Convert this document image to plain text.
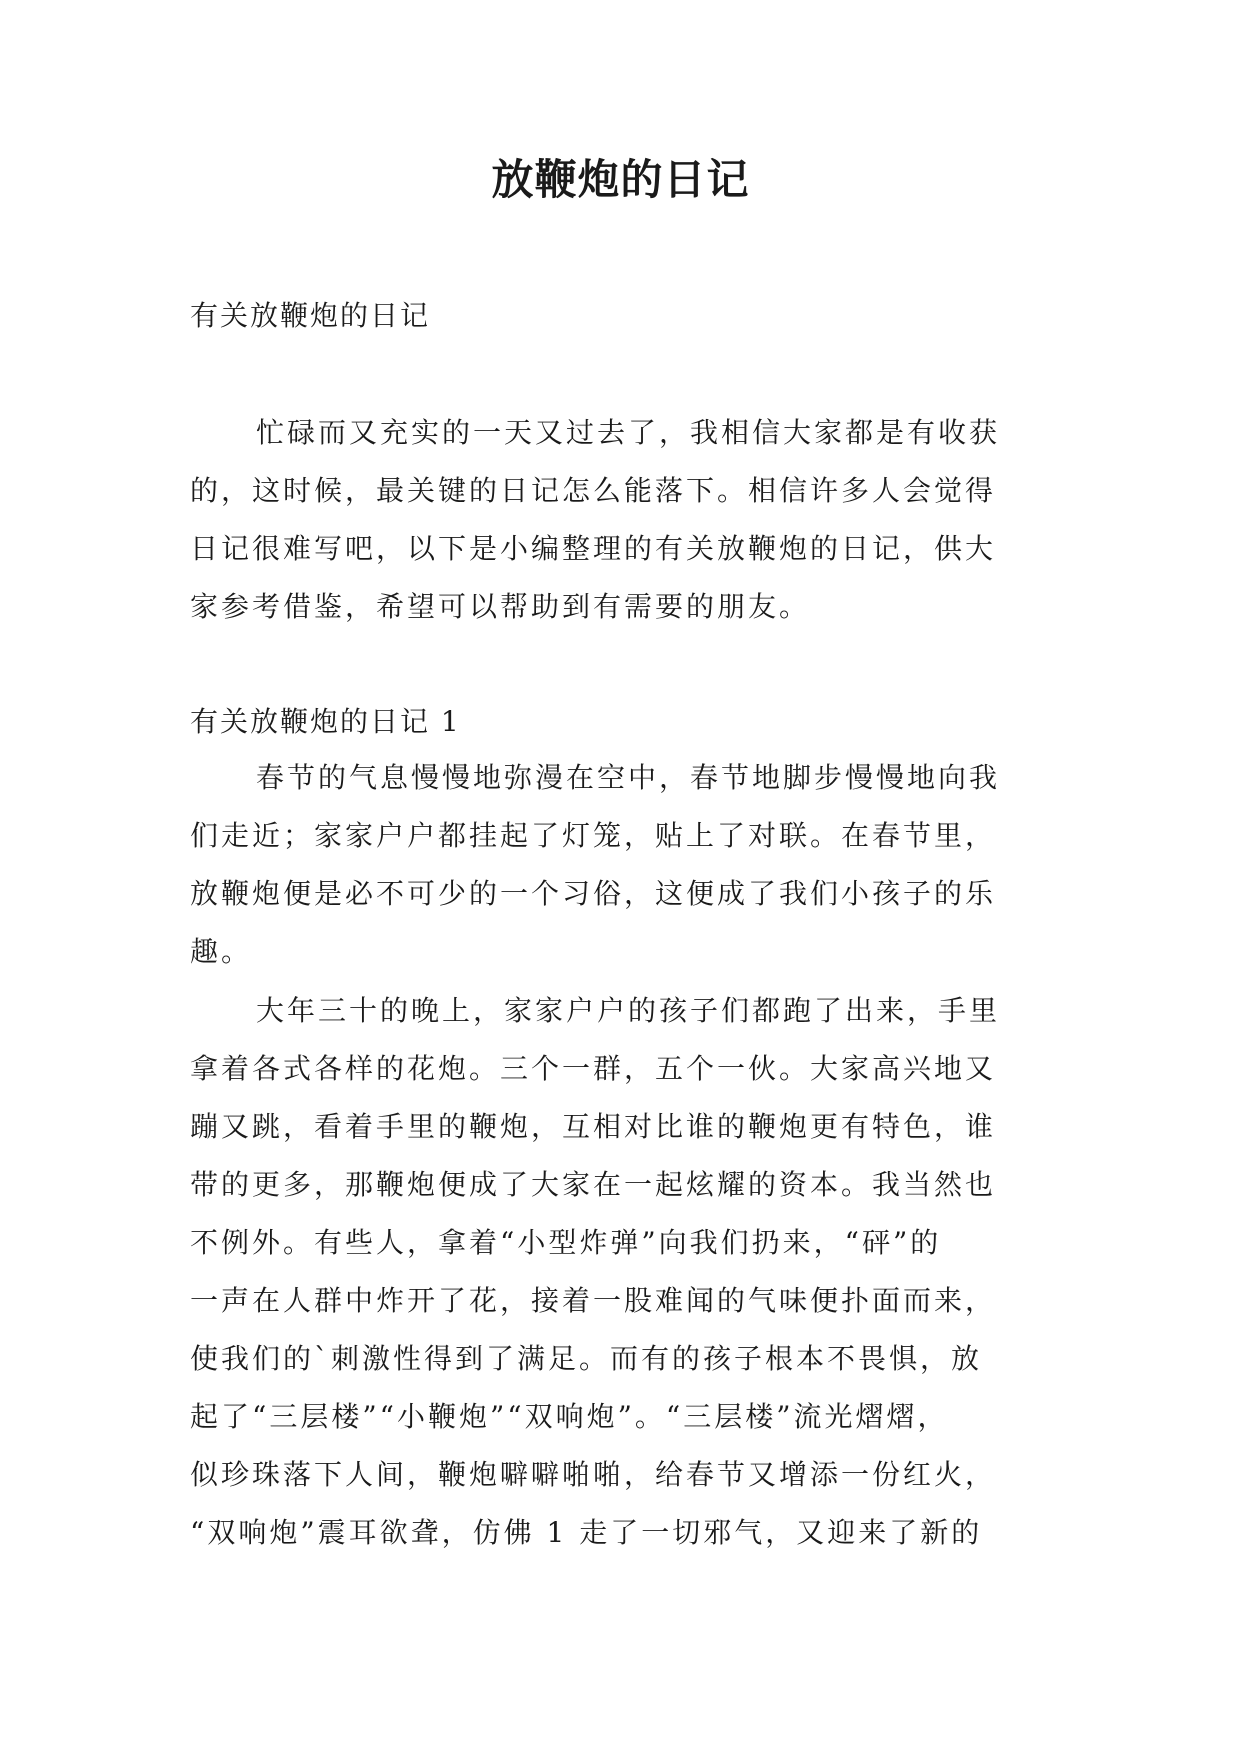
放鞭炮的日记

有关放鞭炮的日记

忙碌而又充实的一天又过去了，我相信大家都是有收获
的，这时候，最关键的日记怎么能落下。相信许多人会觉得
日记很难写吧，以下是小编整理的有关放鞭炮的日记，供大
家参考借鉴，希望可以帮助到有需要的朋友。

有关放鞭炮的日记 1

春节的气息慢慢地弥漫在空中，春节地脚步慢慢地向我
们走近；家家户户都挂起了灯笼，贴上了对联。在春节里，
放鞭炮便是必不可少的一个习俗，这便成了我们小孩子的乐
趣。

大年三十的晚上，家家户户的孩子们都跑了出来，手里
拿着各式各样的花炮。三个一群，五个一伙。大家高兴地又
蹦又跳，看着手里的鞭炮，互相对比谁的鞭炮更有特色，谁
带的更多，那鞭炮便成了大家在一起炫耀的资本。我当然也
不例外。有些人，拿着“小型炸弹”向我们扔来，“砰”的
一声在人群中炸开了花，接着一股难闻的气味便扑面而来，
使我们的`刺激性得到了满足。而有的孩子根本不畏惧，放
起了“三层楼”“小鞭炮”“双响炮”。“三层楼”流光熠熠，
似珍珠落下人间，鞭炮噼噼啪啪，给春节又增添一份红火，
“双响炮”震耳欲聋，仿佛 1 走了一切邪气，又迎来了新的
